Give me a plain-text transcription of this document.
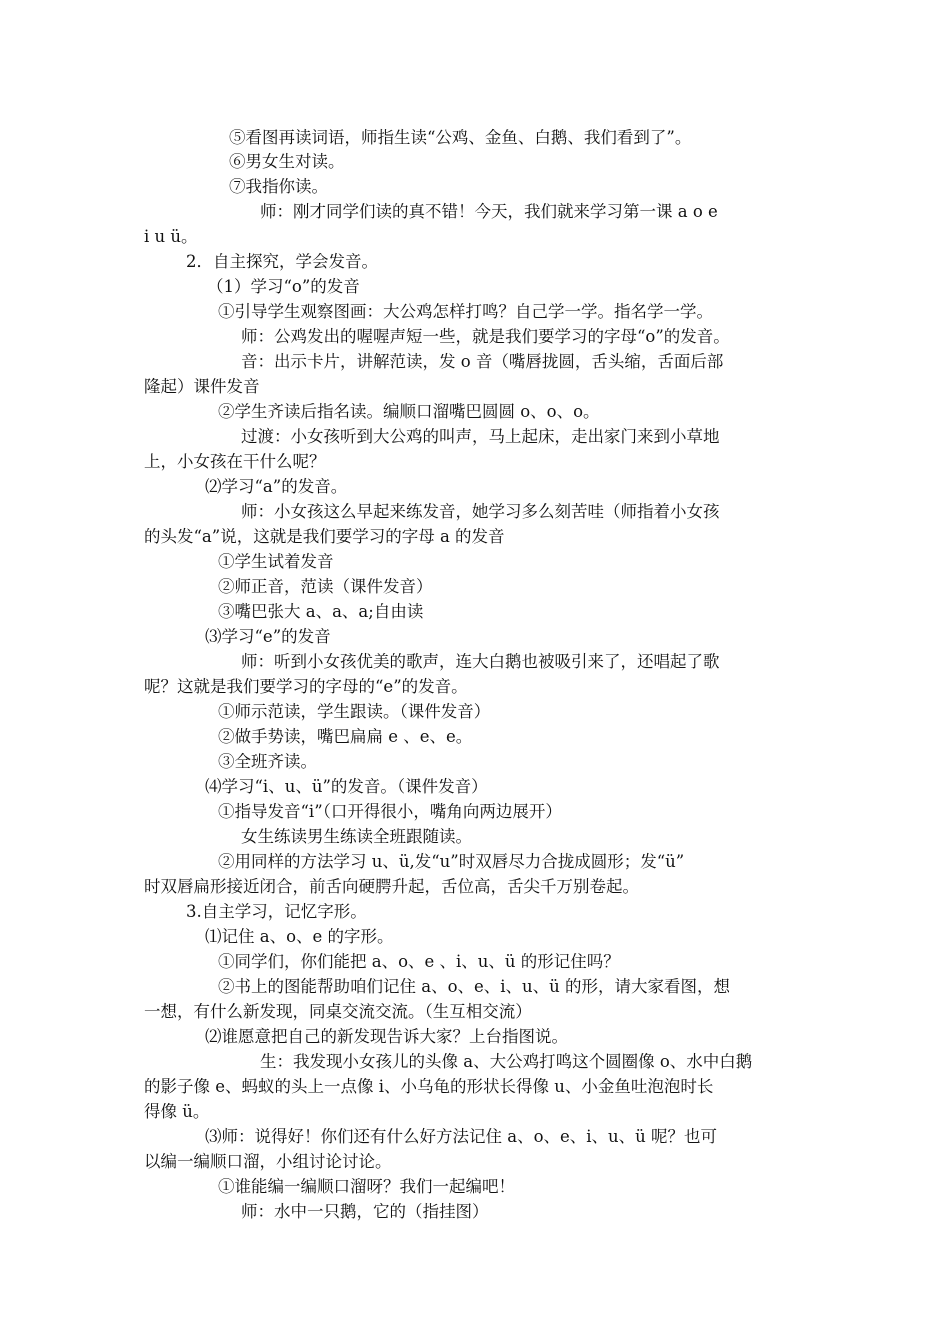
⑤看图再读词语，师指生读“公鸡、金鱼、白鹅、我们看到了”。
⑥男女生对读。
⑦我指你读。
师：刚才同学们读的真不错！今天，我们就来学习第一课 a o e
i u ü。
2．自主探究，学会发音。
（1）学习“o”的发音
①引导学生观察图画：大公鸡怎样打鸣？自己学一学。指名学一学。
师：公鸡发出的喔喔声短一些，就是我们要学习的字母“o”的发音。
音：出示卡片，讲解范读，发 o 音（嘴唇拢圆，舌头缩，舌面后部
隆起）课件发音
②学生齐读后指名读。编顺口溜嘴巴圆圆 o、o、o。
过渡：小女孩听到大公鸡的叫声，马上起床，走出家门来到小草地
上，小女孩在干什么呢？
⑵学习“a”的发音。
师：小女孩这么早起来练发音，她学习多么刻苦哇（师指着小女孩
的头发“a”说，这就是我们要学习的字母 a 的发音
①学生试着发音
②师正音，范读（课件发音）
③嘴巴张大 a、a、a;自由读
⑶学习“e”的发音
师：听到小女孩优美的歌声，连大白鹅也被吸引来了，还唱起了歌
呢？这就是我们要学习的字母的“e”的发音。
①师示范读，学生跟读。（课件发音）
②做手势读，嘴巴扁扁 e 、e、e。
③全班齐读。
⑷学习“i、u、ü”的发音。（课件发音）
①指导发音“i”（口开得很小，嘴角向两边展开）
女生练读男生练读全班跟随读。
②用同样的方法学习 u、ü,发“u”时双唇尽力合拢成圆形；发“ü”
时双唇扁形接近闭合，前舌向硬腭升起，舌位高，舌尖千万别卷起。
3.自主学习，记忆字形。
⑴记住 a、o、e 的字形。
①同学们，你们能把 a、o、e 、i、u、ü 的形记住吗？
②书上的图能帮助咱们记住 a、o、e、i、u、ü 的形，请大家看图，想
一想，有什么新发现，同桌交流交流。（生互相交流）
⑵谁愿意把自己的新发现告诉大家？上台指图说。
生：我发现小女孩儿的头像 a、大公鸡打鸣这个圆圈像 o、水中白鹅
的影子像 e、蚂蚁的头上一点像 i、小乌龟的形状长得像 u、小金鱼吐泡泡时长
得像 ü。
⑶师：说得好！你们还有什么好方法记住 a、o、e、i、u、ü 呢？也可
以编一编顺口溜，小组讨论讨论。
①谁能编一编顺口溜呀？我们一起编吧！
师：水中一只鹅，它的（指挂图）
